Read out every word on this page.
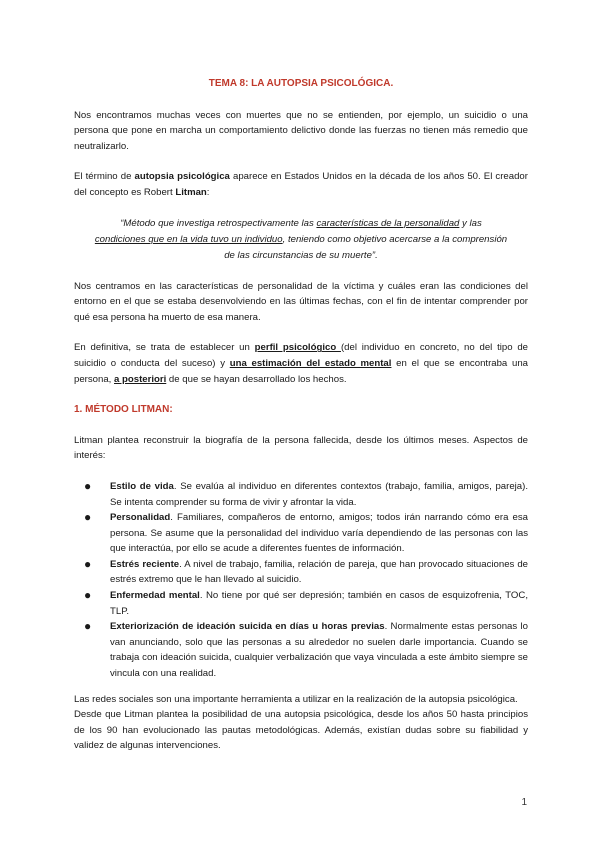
TEMA 8: LA AUTOPSIA PSICOLÓGICA.

Nos encontramos muchas veces con muertes que no se entienden, por ejemplo, un suicidio o una persona que pone en marcha un comportamiento delictivo donde las fuerzas no tienen más remedio que neutralizarlo.

El término de autopsia psicológica aparece en Estados Unidos en la década de los años 50. El creador del concepto es Robert Litman:

“Método que investiga retrospectivamente las características de la personalidad y las condiciones que en la vida tuvo un individuo, teniendo como objetivo acercarse a la comprensión de las circunstancias de su muerte”.

Nos centramos en las características de personalidad de la víctima y cuáles eran las condiciones del entorno en el que se estaba desenvolviendo en las últimas fechas, con el fin de intentar comprender por qué esa persona ha muerto de esa manera.

En definitiva, se trata de establecer un perfil psicológico (del individuo en concreto, no del tipo de suicidio o conducta del suceso) y una estimación del estado mental en el que se encontraba una persona, a posteriori de que se hayan desarrollado los hechos.

1. MÉTODO LITMAN:

Litman plantea reconstruir la biografía de la persona fallecida, desde los últimos meses. Aspectos de interés:

● Estilo de vida. Se evalúa al individuo en diferentes contextos (trabajo, familia, amigos, pareja). Se intenta comprender su forma de vivir y afrontar la vida.
● Personalidad. Familiares, compañeros de entorno, amigos; todos irán narrando cómo era esa persona. Se asume que la personalidad del individuo varía dependiendo de las personas con las que interactúa, por ello se acude a diferentes fuentes de información.
● Estrés reciente. A nivel de trabajo, familia, relación de pareja, que han provocado situaciones de estrés extremo que le han llevado al suicidio.
● Enfermedad mental. No tiene por qué ser depresión; también en casos de esquizofrenia, TOC, TLP.
● Exteriorización de ideación suicida en días u horas previas. Normalmente estas personas lo van anunciando, solo que las personas a su alrededor no suelen darle importancia. Cuando se trabaja con ideación suicida, cualquier verbalización que vaya vinculada a este ámbito siempre se vincula con una realidad.

Las redes sociales son una importante herramienta a utilizar en la realización de la autopsia psicológica.

Desde que Litman plantea la posibilidad de una autopsia psicológica, desde los años 50 hasta principios de los 90 han evolucionado las pautas metodológicas. Además, existían dudas sobre su fiabilidad y validez de algunas intervenciones.

1
